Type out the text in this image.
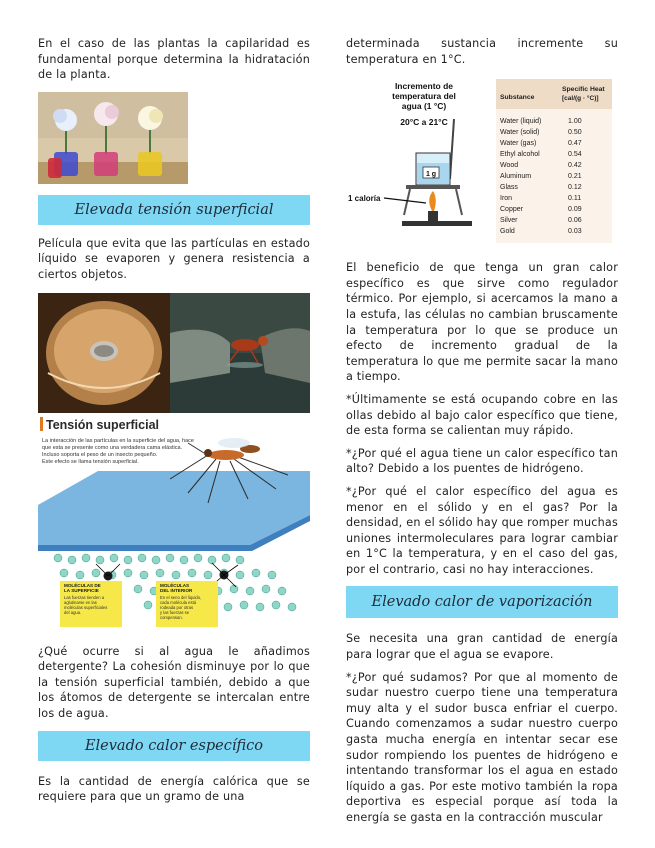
En el caso de las plantas la capilaridad es fundamental porque determina la hidratación de la planta.

Elevada tensión superficial

Película que evita que las partículas en estado líquido se evaporen y genera resistencia a ciertos objetos.

Tensión superficial
La interacción de las partículas en la superficie del agua, hace
que esta se presente como una verdadera cama elástica.
Incluso soporta el peso de un insecto pequeño.
Este efecto se llama tensión superficial.
MOLÉCULAS DE
LA SUPERFICIE
Las fuerzas tienden a
aglutinarse en las
moléculas superficiales
del agua.
MOLÉCULAS
DEL INTERIOR
En el seno del líquido,
cada molécula está
rodeada por otras
y las fuerzas se
compensan.

¿Qué ocurre si al agua le añadimos detergente? La cohesión disminuye por lo que la tensión superficial también, debido a que los átomos de detergente se intercalan entre los de agua.

Elevado calor específico

Es la cantidad de energía calórica que se requiere para que un gramo de una

determinada sustancia incremente su temperatura en 1°C.

Incremento de
temperatura del
agua (1 °C)
20°C a 21°C
1 g
1 caloría
Substance
Specific Heat
[cal/(g · °C)]
Water (liquid)	1.00
Water (solid)	0.50
Water (gas)	0.47
Ethyl alcohol	0.54
Wood	0.42
Aluminum	0.21
Glass	0.12
Iron	0.11
Copper	0.09
Silver	0.06
Gold	0.03

El beneficio de que tenga un gran calor específico es que sirve como regulador térmico. Por ejemplo, si acercamos la mano a la estufa, las células no cambian bruscamente la temperatura por lo que se produce un efecto de incremento gradual de la temperatura lo que me permite sacar la mano a tiempo.

*Últimamente se está ocupando cobre en las ollas debido al bajo calor específico que tiene, de esta forma se calientan muy rápido.

*¿Por qué el agua tiene un calor específico tan alto? Debido a los puentes de hidrógeno.

*¿Por qué el calor específico del agua es menor en el sólido y en el gas? Por la densidad, en el sólido hay que romper muchas uniones intermoleculares para lograr cambiar en 1°C la temperatura, y en el caso del gas, por el contrario, casi no hay interacciones.

Elevado calor de vaporización

Se necesita una gran cantidad de energía para lograr que el agua se evapore.

*¿Por qué sudamos? Por que al momento de sudar nuestro cuerpo tiene una temperatura muy alta y el sudor busca enfriar el cuerpo. Cuando comenzamos a sudar nuestro cuerpo gasta mucha energía en intentar secar ese sudor rompiendo los puentes de hidrógeno e intentando transformar los el agua en estado líquido a gas. Por este motivo también la ropa deportiva es especial porque así toda la energía se gasta en la contracción muscular
